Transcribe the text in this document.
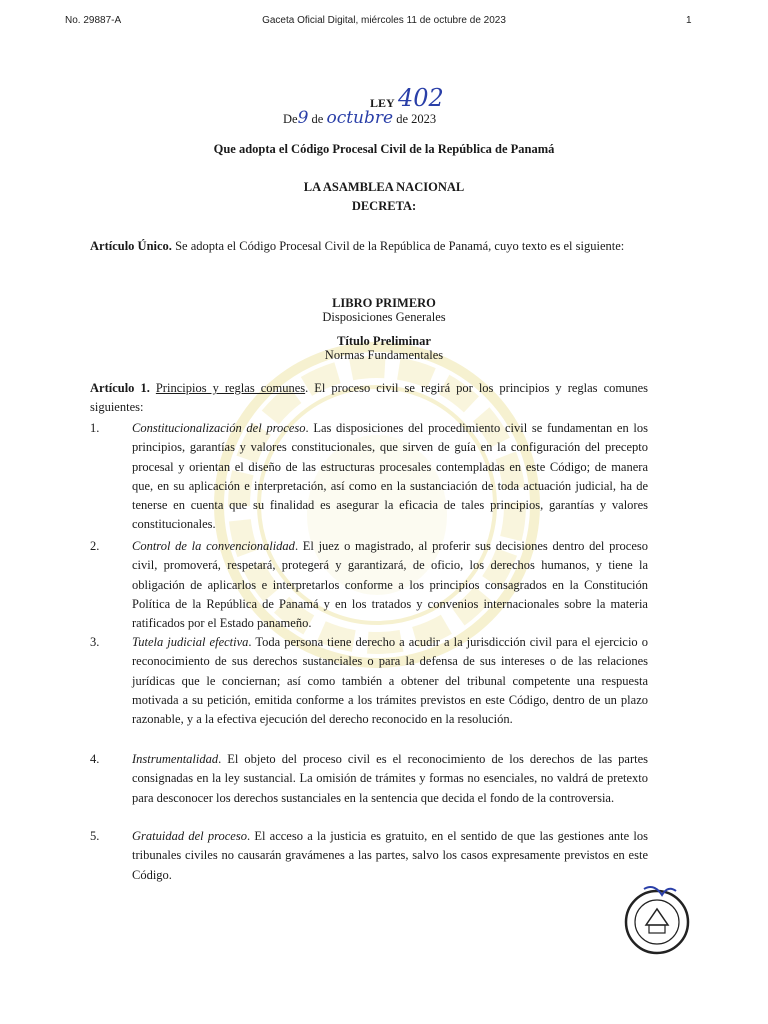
No. 29887-A	Gaceta Oficial Digital, miércoles 11 de octubre de 2023	1
LEY 402
De9 de octubre de 2023
Que adopta el Código Procesal Civil de la República de Panamá
LA ASAMBLEA NACIONAL
DECRETA:
Artículo Único. Se adopta el Código Procesal Civil de la República de Panamá, cuyo texto es el siguiente:
LIBRO PRIMERO
Disposiciones Generales
Título Preliminar
Normas Fundamentales
Artículo 1. Principios y reglas comunes. El proceso civil se regirá por los principios y reglas comunes siguientes:
1.	Constitucionalización del proceso. Las disposiciones del procedimiento civil se fundamentan en los principios, garantías y valores constitucionales, que sirven de guía en la configuración del precepto procesal y orientan el diseño de las estructuras procesales contempladas en este Código; de manera que, en su aplicación e interpretación, así como en la sustanciación de toda actuación judicial, ha de tenerse en cuenta que su finalidad es asegurar la eficacia de tales principios, garantías y valores constitucionales.
2.	Control de la convencionalidad. El juez o magistrado, al proferir sus decisiones dentro del proceso civil, promoverá, respetará, protegerá y garantizará, de oficio, los derechos humanos, y tiene la obligación de aplicarlos e interpretarlos conforme a los principios consagrados en la Constitución Política de la República de Panamá y en los tratados y convenios internacionales sobre la materia ratificados por el Estado panameño.
3.	Tutela judicial efectiva. Toda persona tiene derecho a acudir a la jurisdicción civil para el ejercicio o reconocimiento de sus derechos sustanciales o para la defensa de sus intereses o de las relaciones jurídicas que le conciernan; así como también a obtener del tribunal competente una respuesta motivada a su petición, emitida conforme a los trámites previstos en este Código, dentro de un plazo razonable, y a la efectiva ejecución del derecho reconocido en la resolución.
4.	Instrumentalidad. El objeto del proceso civil es el reconocimiento de los derechos de las partes consignadas en la ley sustancial. La omisión de trámites y formas no esenciales, no valdrá de pretexto para desconocer los derechos sustanciales en la sentencia que decida el fondo de la controversia.
5.	Gratuidad del proceso. El acceso a la justicia es gratuito, en el sentido de que las gestiones ante los tribunales civiles no causarán gravámenes a las partes, salvo los casos expresamente previstos en este Código.
